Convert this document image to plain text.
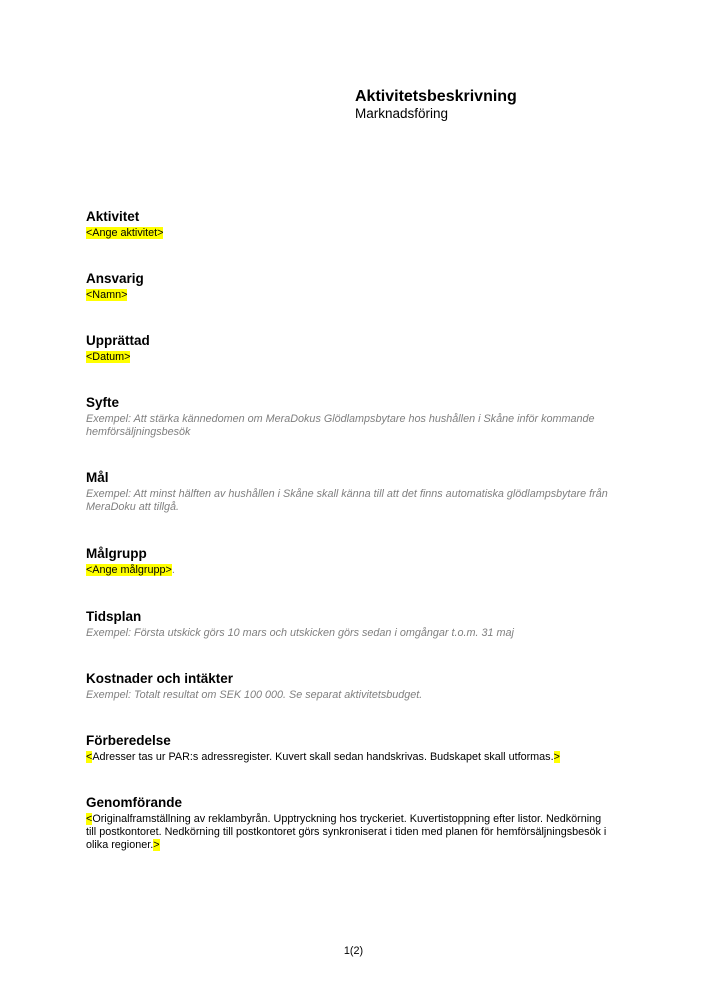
Aktivitetsbeskrivning

Marknadsföring

Aktivitet

<Ange aktivitet>

Ansvarig

<Namn>

Upprättad

<Datum>

Syfte

Exempel: Att stärka kännedomen om MeraDokus Glödlampsbytare hos hushållen i Skåne inför kommande hemförsäljningsbesök

Mål

Exempel: Att minst hälften av hushållen i Skåne skall känna till att det finns automatiska glödlampsbytare från MeraDoku att tillgå.

Målgrupp

<Ange målgrupp>.

Tidsplan

Exempel: Första utskick görs 10 mars och utskicken görs sedan i omgångar t.o.m. 31 maj

Kostnader och intäkter

Exempel: Totalt resultat om SEK 100 000. Se separat aktivitetsbudget.

Förberedelse

<Adresser tas ur PAR:s adressregister. Kuvert skall sedan handskrivas. Budskapet skall utformas.>

Genomförande

<Originalframställning av reklambyrån. Upptryckning hos tryckeriet. Kuvertistoppning efter listor. Nedkörning till postkontoret. Nedkörning till postkontoret görs synkroniserat i tiden med planen för hemförsäljningsbesök i olika regioner.>

1(2)
